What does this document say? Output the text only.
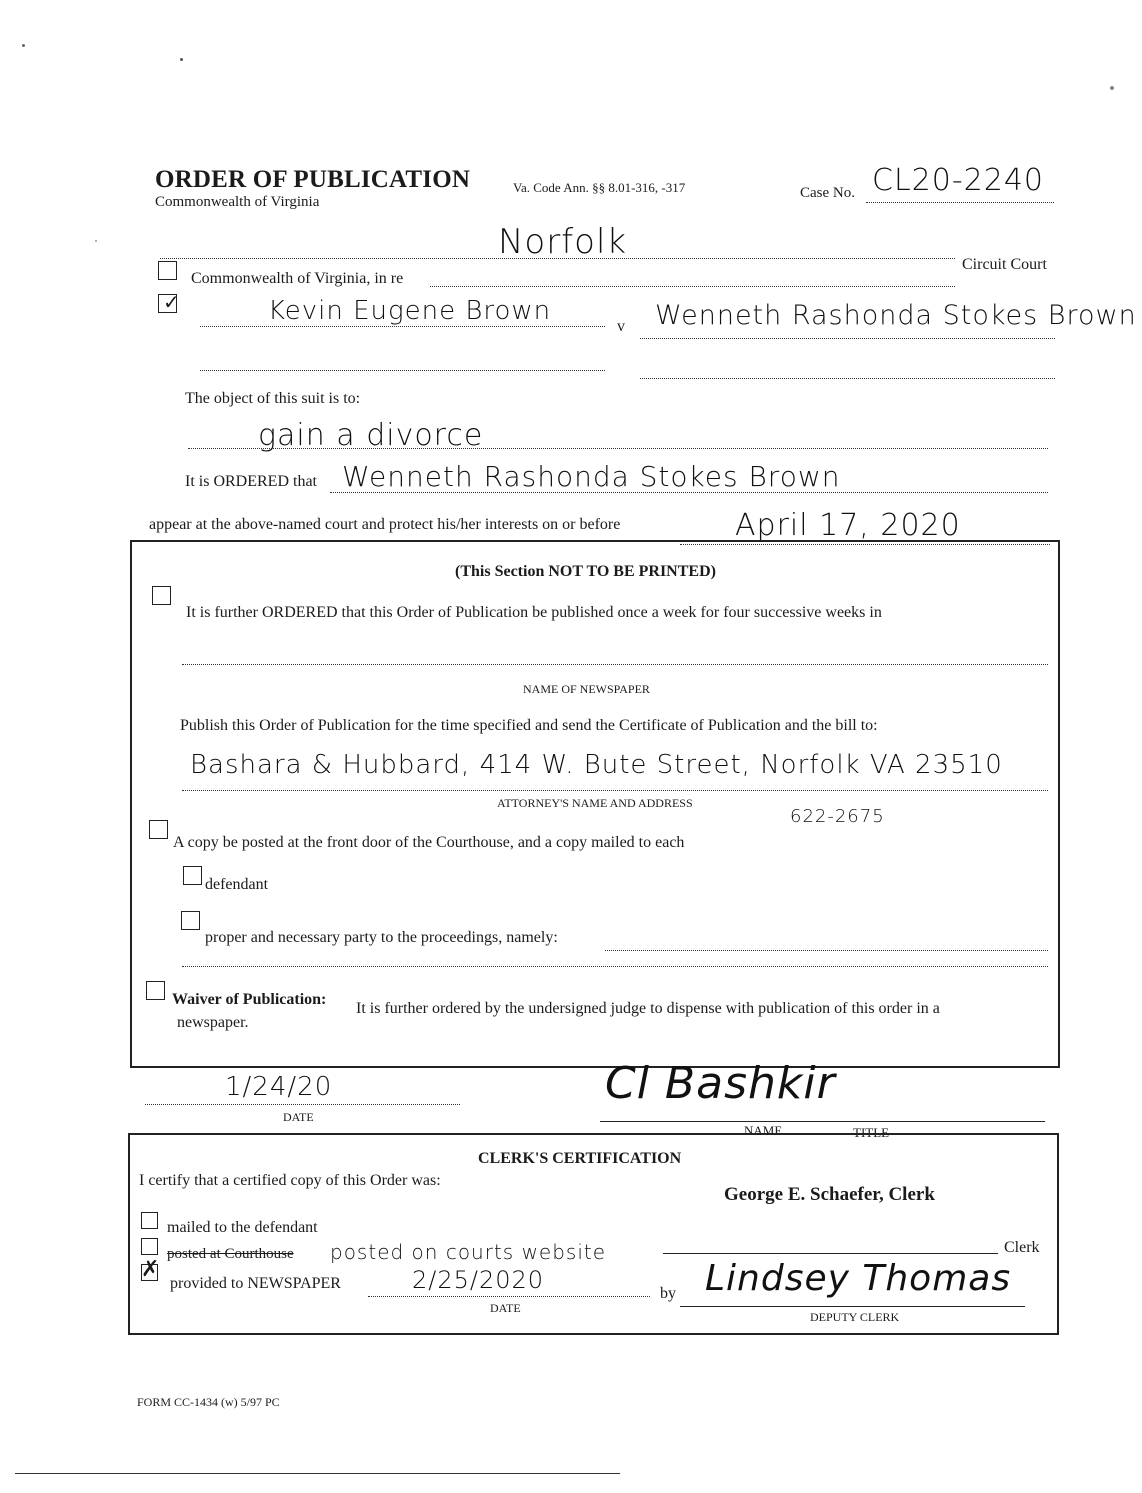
ORDER OF PUBLICATION
Commonwealth of Virginia
Va. Code Ann. §§ 8.01-316, -317	Case No. CL20-2240
Norfolk
Circuit Court
Commonwealth of Virginia, in re
✓	Kevin Eugene Brown
v Wenneth Rashonda Stokes Brown
The object of this suit is to:
gain a divorce
It is ORDERED that Wenneth Rashonda Stokes Brown
appear at the above-named court and protect his/her interests on or before	April 17, 2020
(This Section NOT TO BE PRINTED)
It is further ORDERED that this Order of Publication be published once a week for four successive weeks in
NAME OF NEWSPAPER
Publish this Order of Publication for the time specified and send the Certificate of Publication and the bill to:
Bashara & Hubbard, 414 W. Bute Street, Norfolk VA 23510
ATTORNEY'S NAME AND ADDRESS
622-2675
A copy be posted at the front door of the Courthouse, and a copy mailed to each
defendant
proper and necessary party to the proceedings, namely:
Waiver of Publication:
It is further ordered by the undersigned judge to dispense with publication of this order in a
newspaper.
1/24/20
DATE
Cl Bashkir
NAME	TITLE
CLERK'S CERTIFICATION
I certify that a certified copy of this Order was:
George E. Schaefer, Clerk
mailed to the defendant
posted at Courthouse posted on courts website	Clerk
✗
provided to NEWSPAPER	2/25/2020
DATE
by Lindsey Thomas
DEPUTY CLERK
FORM CC-1434 (w) 5/97 PC
